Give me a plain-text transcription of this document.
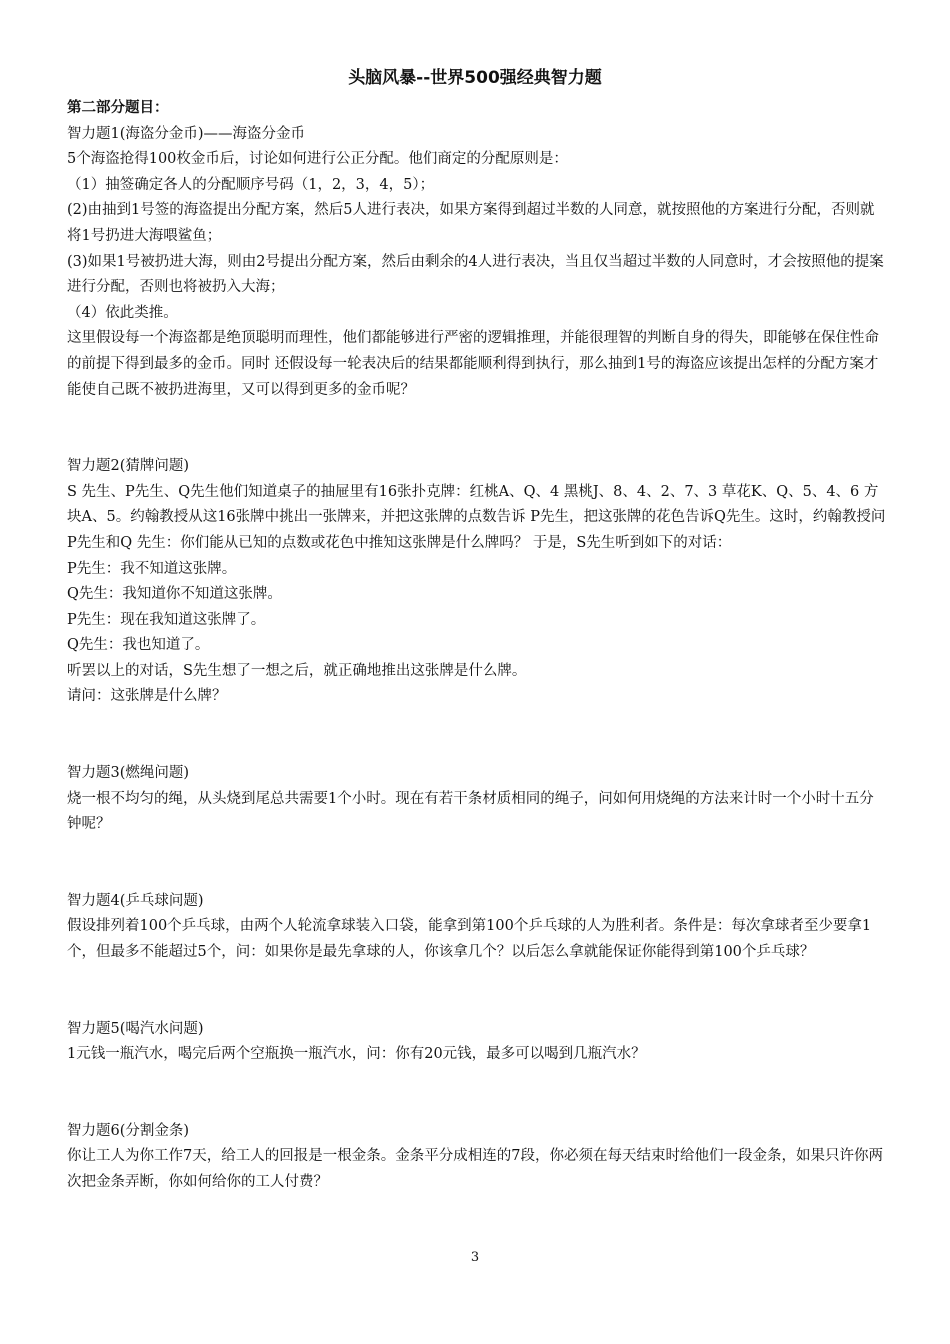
头脑风暴--世界500强经典智力题

第二部分题目：

智力题1(海盗分金币)——海盗分金币

5个海盗抢得100枚金币后，讨论如何进行公正分配。他们商定的分配原则是：

（1）抽签确定各人的分配顺序号码（1，2，3，4，5）；

(2)由抽到1号签的海盗提出分配方案，然后5人进行表决，如果方案得到超过半数的人同意，就按照他的方案进行分配，否则就将1号扔进大海喂鲨鱼；

(3)如果1号被扔进大海，则由2号提出分配方案，然后由剩余的4人进行表决，当且仅当超过半数的人同意时，才会按照他的提案进行分配，否则也将被扔入大海；

（4）依此类推。

这里假设每一个海盗都是绝顶聪明而理性，他们都能够进行严密的逻辑推理，并能很理智的判断自身的得失，即能够在保住性命的前提下得到最多的金币。同时 还假设每一轮表决后的结果都能顺利得到执行，那么抽到1号的海盗应该提出怎样的分配方案才能使自己既不被扔进海里，又可以得到更多的金币呢？

智力题2(猜牌问题)

S 先生、P先生、Q先生他们知道桌子的抽屉里有16张扑克牌：红桃A、Q、4 黑桃J、8、4、2、7、3 草花K、Q、5、4、6 方块A、5。约翰教授从这16张牌中挑出一张牌来，并把这张牌的点数告诉 P先生，把这张牌的花色告诉Q先生。这时，约翰教授问P先生和Q 先生：你们能从已知的点数或花色中推知这张牌是什么牌吗？ 于是，S先生听到如下的对话：

P先生：我不知道这张牌。

Q先生：我知道你不知道这张牌。

P先生：现在我知道这张牌了。

Q先生：我也知道了。

听罢以上的对话，S先生想了一想之后，就正确地推出这张牌是什么牌。

请问：这张牌是什么牌？

智力题3(燃绳问题)

烧一根不均匀的绳，从头烧到尾总共需要1个小时。现在有若干条材质相同的绳子，问如何用烧绳的方法来计时一个小时十五分钟呢？

智力题4(乒乓球问题)

假设排列着100个乒乓球，由两个人轮流拿球装入口袋，能拿到第100个乒乓球的人为胜利者。条件是：每次拿球者至少要拿1个，但最多不能超过5个，问：如果你是最先拿球的人，你该拿几个？以后怎么拿就能保证你能得到第100个乒乓球？

智力题5(喝汽水问题)

1元钱一瓶汽水，喝完后两个空瓶换一瓶汽水，问：你有20元钱，最多可以喝到几瓶汽水？

智力题6(分割金条)

你让工人为你工作7天，给工人的回报是一根金条。金条平分成相连的7段，你必须在每天结束时给他们一段金条，如果只许你两次把金条弄断，你如何给你的工人付费？

3
